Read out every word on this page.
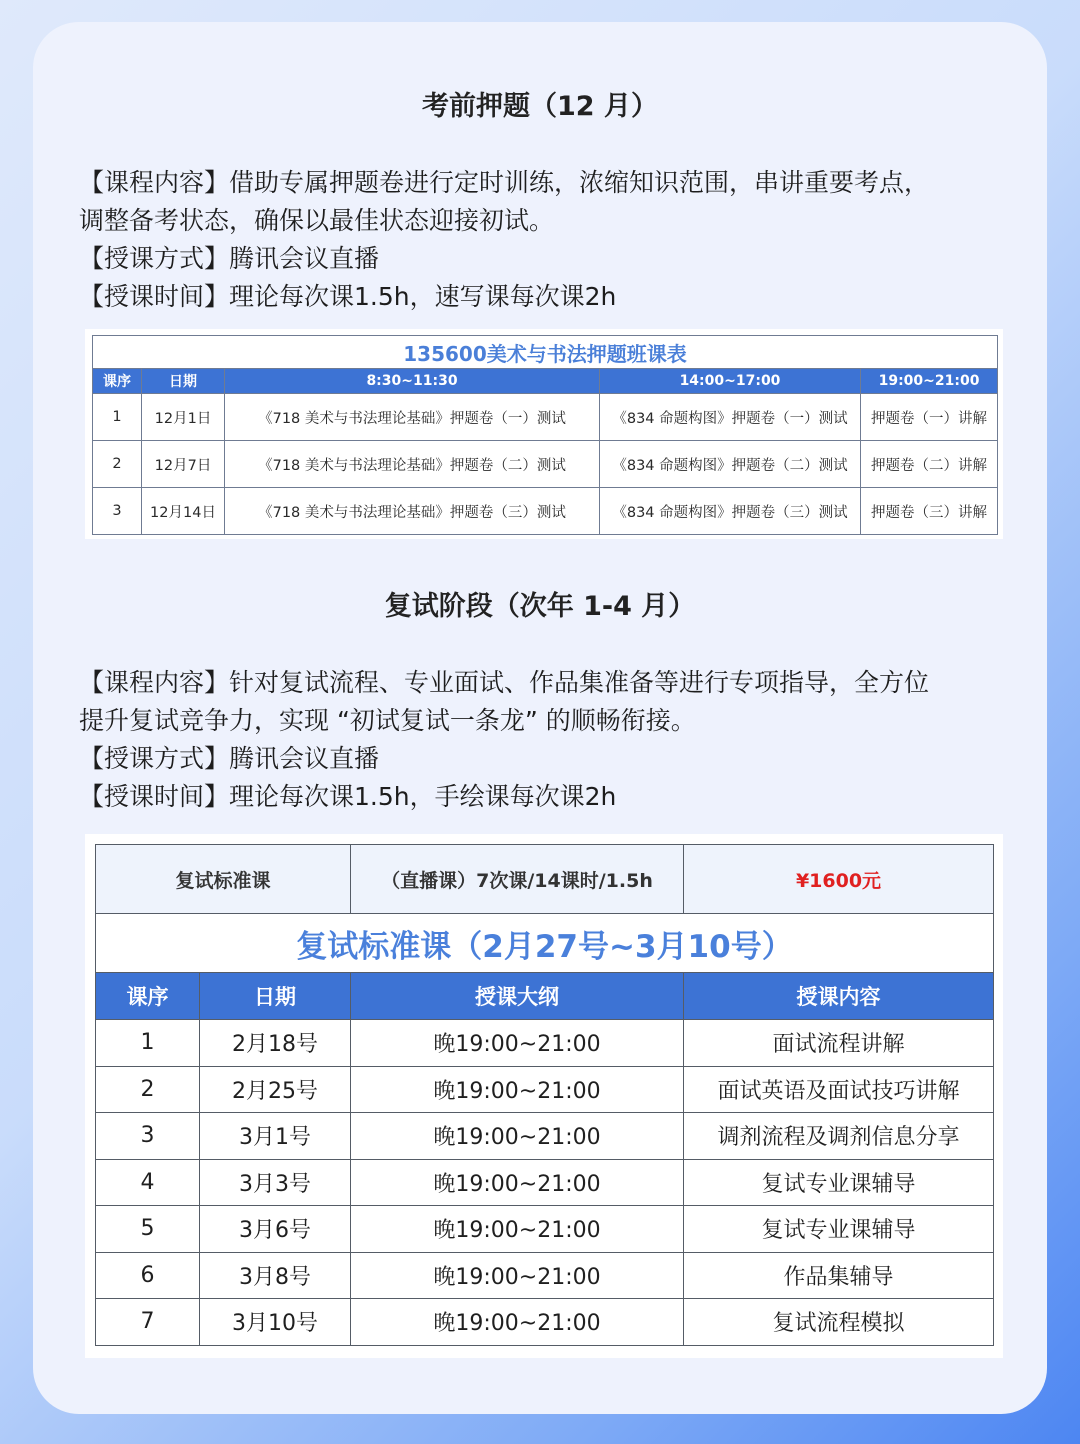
考前押题（12 月）

【课程内容】借助专属押题卷进行定时训练，浓缩知识范围，串讲重要考点，

调整备考状态，确保以最佳状态迎接初试。

【授课方式】腾讯会议直播

【授课时间】理论每次课1.5h，速写课每次课2h

135600美术与书法押题班课表				
课序	日期	8:30~11:30	14:00~17:00	19:00~21:00
1	12月1日	《718 美术与书法理论基础》押题卷（一）测试	《834 命题构图》押题卷（一）测试	押题卷（一）讲解
2	12月7日	《718 美术与书法理论基础》押题卷（二）测试	《834 命题构图》押题卷（二）测试	押题卷（二）讲解
3	12月14日	《718 美术与书法理论基础》押题卷（三）测试	《834 命题构图》押题卷（三）测试	押题卷（三）讲解
复试阶段（次年 1-4 月）

【课程内容】针对复试流程、专业面试、作品集准备等进行专项指导，全方位

提升复试竞争力，实现 “初试复试一条龙” 的顺畅衔接。

【授课方式】腾讯会议直播

【授课时间】理论每次课1.5h，手绘课每次课2h

复试标准课		（直播课）7次课/14课时/1.5h	¥1600元
复试标准课（2月27号~3月10号）			
课序	日期	授课大纲	授课内容
1	2月18号	晚19:00~21:00	面试流程讲解
2	2月25号	晚19:00~21:00	面试英语及面试技巧讲解
3	3月1号	晚19:00~21:00	调剂流程及调剂信息分享
4	3月3号	晚19:00~21:00	复试专业课辅导
5	3月6号	晚19:00~21:00	复试专业课辅导
6	3月8号	晚19:00~21:00	作品集辅导
7	3月10号	晚19:00~21:00	复试流程模拟
